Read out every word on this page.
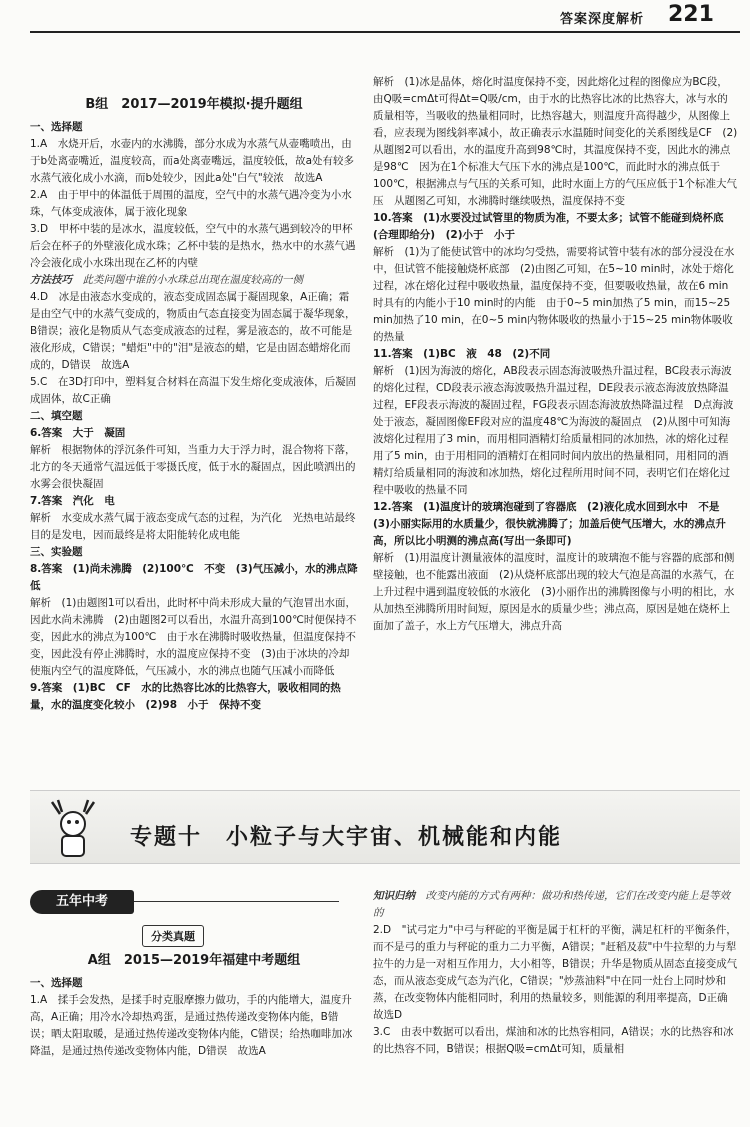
答案深度解析 221
B组　2017—2019年模拟·提升题组

一、选择题

1.A　水烧开后，水壶内的水沸腾，部分水成为水蒸气从壶嘴喷出，由于b处离壶嘴近，温度较高，而a处离壶嘴远，温度较低，故a处有较多水蒸气液化成小水滴，而b处较少，因此a处"白气"较浓　故选A

2.A　由于甲中的体温低于周围的温度，空气中的水蒸气遇冷变为小水珠，气体变成液体，属于液化现象

3.D　甲杯中装的是冰水，温度较低，空气中的水蒸气遇到较冷的甲杯后会在杯子的外壁液化成水珠；乙杯中装的是热水，热水中的水蒸气遇冷会液化成小水珠出现在乙杯的内壁

方法技巧　 此类问题中谁的小水珠总出现在温度较高的一侧

4.D　冰是由液态水变成的，液态变成固态属于凝固现象，A正确；霜是由空气中的水蒸气变成的，物质由气态直接变为固态属于凝华现象，B错误；液化是物质从气态变成液态的过程，雾是液态的，故不可能是液化形成，C错误；"蜡炬"中的"泪"是液态的蜡，它是由固态蜡熔化而成的，D错误　故选A

5.C　在3D打印中，塑料复合材料在高温下发生熔化变成液体，后凝固成固体，故C正确

二、填空题

6.答案　大于　凝固

解析　根据物体的浮沉条件可知，当重力大于浮力时，混合物将下落，北方的冬天通常气温远低于零摄氏度，低于水的凝固点，因此喷洒出的水雾会很快凝固

7.答案　汽化　电

解析　水变成水蒸气属于液态变成气态的过程，为汽化　光热电站最终目的是发电，因而最终是将太阳能转化成电能

三、实验题

8.答案　(1)尚未沸腾　(2)100℃　不变　(3)气压减小，水的沸点降低

解析　(1)由题图1可以看出，此时杯中尚未形成大量的气泡冒出水面，因此水尚未沸腾　(2)由题图2可以看出，水温升高到100℃时便保持不变，因此水的沸点为100℃　由于水在沸腾时吸收热量，但温度保持不变，因此没有停止沸腾时，水的温度应保持不变　(3)由于冰块的冷却使瓶内空气的温度降低，气压减小，水的沸点也随气压减小而降低

9.答案　(1)BC　CF　水的比热容比冰的比热容大，吸收相同的热量，水的温度变化较小　(2)98　小于　保持不变

解析　(1)冰是晶体，熔化时温度保持不变，因此熔化过程的图像应为BC段，由Q吸=cmΔt可得Δt=Q吸/cm，由于水的比热容比冰的比热容大，冰与水的质量相等，当吸收的热量相同时，比热容越大，则温度升高得越少，从图像上看，应表现为图线斜率减小，故正确表示水温随时间变化的关系图线是CF　(2)从题图2可以看出，水的温度升高到98℃时，其温度保持不变，因此水的沸点是98℃　因为在1个标准大气压下水的沸点是100℃，而此时水的沸点低于100℃，根据沸点与气压的关系可知，此时水面上方的气压应低于1个标准大气压　从题图乙可知，水沸腾时继续吸热，温度保持不变

10.答案　(1)水要没过试管里的物质为准，不要太多；试管不能碰到烧杯底(合理即给分)　(2)小于　小于

解析　(1)为了能使试管中的冰均匀受热，需要将试管中装有冰的部分浸没在水中，但试管不能接触烧杯底部　(2)由图乙可知，在5~10 min时，冰处于熔化过程，冰在熔化过程中吸收热量，温度保持不变，但要吸收热量，故在6 min时具有的内能小于10 min时的内能　由于0~5 min加热了5 min，而15~25 min加热了10 min，在0~5 min内物体吸收的热量小于15~25 min物体吸收的热量

11.答案　(1)BC　液　48　(2)不同

解析　(1)因为海波的熔化，AB段表示固态海波吸热升温过程，BC段表示海波的熔化过程，CD段表示液态海波吸热升温过程，DE段表示液态海波放热降温过程，EF段表示海波的凝固过程，FG段表示固态海波放热降温过程　D点海波处于液态，凝固图像EF段对应的温度48℃为海波的凝固点　(2)从图中可知海波熔化过程用了3 min，而用相同酒精灯给质量相同的冰加热，冰的熔化过程用了5 min，由于用相同的酒精灯在相同时间内放出的热量相同，用相同的酒精灯给质量相同的海波和冰加热，熔化过程所用时间不同，表明它们在熔化过程中吸收的热量不同

12.答案　(1)温度计的玻璃泡碰到了容器底　(2)液化成水回到水中　不是　(3)小丽实际用的水质量少，很快就沸腾了；加盖后使气压增大，水的沸点升高，所以比小明测的沸点高(写出一条即可)

解析　(1)用温度计测量液体的温度时，温度计的玻璃泡不能与容器的底部和侧壁接触，也不能露出液面　(2)从烧杯底部出现的较大气泡是高温的水蒸气，在上升过程中遇到温度较低的水液化　(3)小丽作出的沸腾图像与小明的相比，水从加热至沸腾所用时间短，原因是水的质量少些；沸点高，原因是她在烧杯上面加了盖子，水上方气压增大，沸点升高

专题十　小粒子与大宇宙、机械能和内能
五年中考
分类真题
A组　2015—2019年福建中考题组

一、选择题

1.A　揉手会发热，是揉手时克服摩擦力做功，手的内能增大，温度升高，A正确；用冷水冷却热鸡蛋，是通过热传递改变物体内能，B错误；晒太阳取暖，是通过热传递改变物体内能，C错误；给热咖啡加冰降温，是通过热传递改变物体内能，D错误　故选A

知识归纳　 改变内能的方式有两种：做功和热传递，它们在改变内能上是等效的

2.D　"试弓定力"中弓与秤砣的平衡是属于杠杆的平衡，满足杠杆的平衡条件，而不是弓的重力与秤砣的重力二力平衡，A错误；"赶稻及菽"中牛拉犁的力与犁拉牛的力是一对相互作用力，大小相等，B错误；升华是物质从固态直接变成气态，而从液态变成气态为汽化，C错误；"炒蒸油料"中在同一灶台上同时炒和蒸，在改变物体内能相同时，利用的热量较多，则能源的利用率提高，D正确　故选D

3.C　由表中数据可以看出，煤油和冰的比热容相同，A错误；水的比热容和冰的比热容不同，B错误；根据Q吸=cmΔt可知，质量相
